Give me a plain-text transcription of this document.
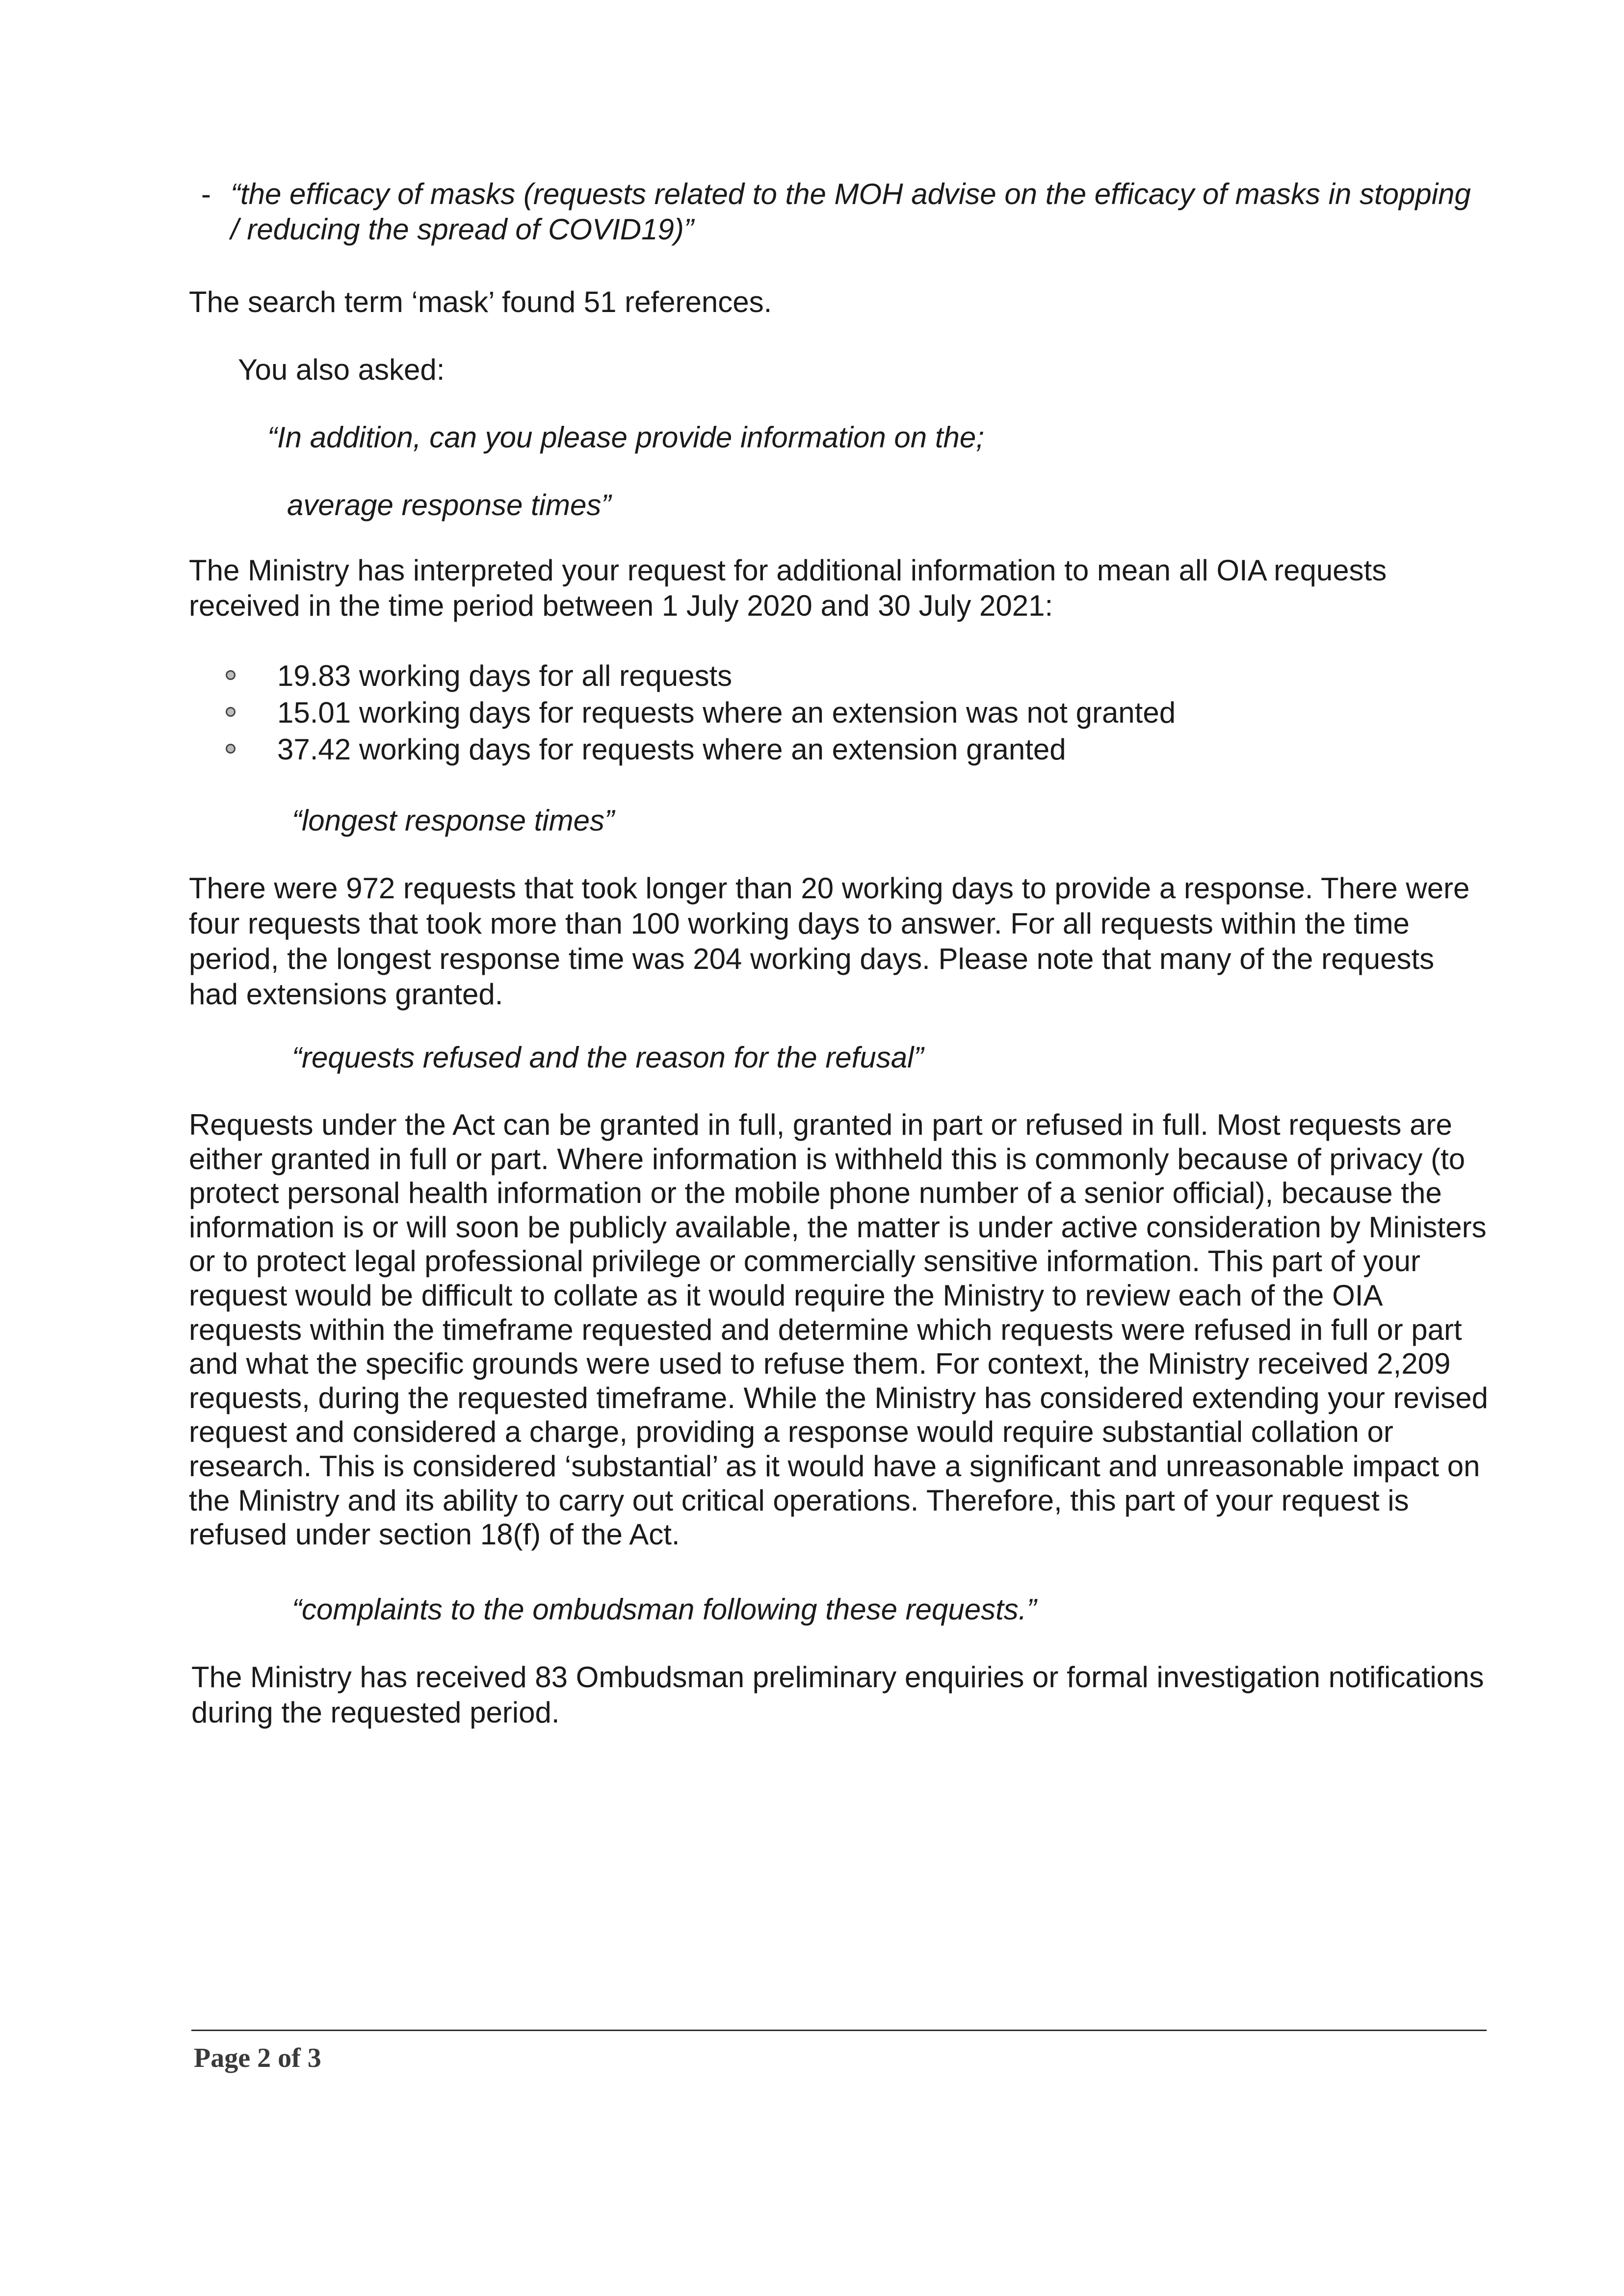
- “the efficacy of masks (requests related to the MOH advise on the efficacy of masks in stopping / reducing the spread of COVID19)”

The search term ‘mask’ found 51 references.

You also asked:

“In addition, can you please provide information on the;

average response times”

The Ministry has interpreted your request for additional information to mean all OIA requests received in the time period between 1 July 2020 and 30 July 2021:

19.83 working days for all requests
15.01 working days for requests where an extension was not granted
37.42 working days for requests where an extension granted

“longest response times”

There were 972 requests that took longer than 20 working days to provide a response. There were four requests that took more than 100 working days to answer. For all requests within the time period, the longest response time was 204 working days. Please note that many of the requests had extensions granted.

“requests refused and the reason for the refusal”

Requests under the Act can be granted in full, granted in part or refused in full. Most requests are either granted in full or part. Where information is withheld this is commonly because of privacy (to protect personal health information or the mobile phone number of a senior official), because the information is or will soon be publicly available, the matter is under active consideration by Ministers or to protect legal professional privilege or commercially sensitive information. This part of your request would be difficult to collate as it would require the Ministry to review each of the OIA requests within the timeframe requested and determine which requests were refused in full or part and what the specific grounds were used to refuse them. For context, the Ministry received 2,209 requests, during the requested timeframe. While the Ministry has considered extending your revised request and considered a charge, providing a response would require substantial collation or research. This is considered ‘substantial’ as it would have a significant and unreasonable impact on the Ministry and its ability to carry out critical operations. Therefore, this part of your request is refused under section 18(f) of the Act.

“complaints to the ombudsman following these requests.”

The Ministry has received 83 Ombudsman preliminary enquiries or formal investigation notifications during the requested period.

Page 2 of 3
